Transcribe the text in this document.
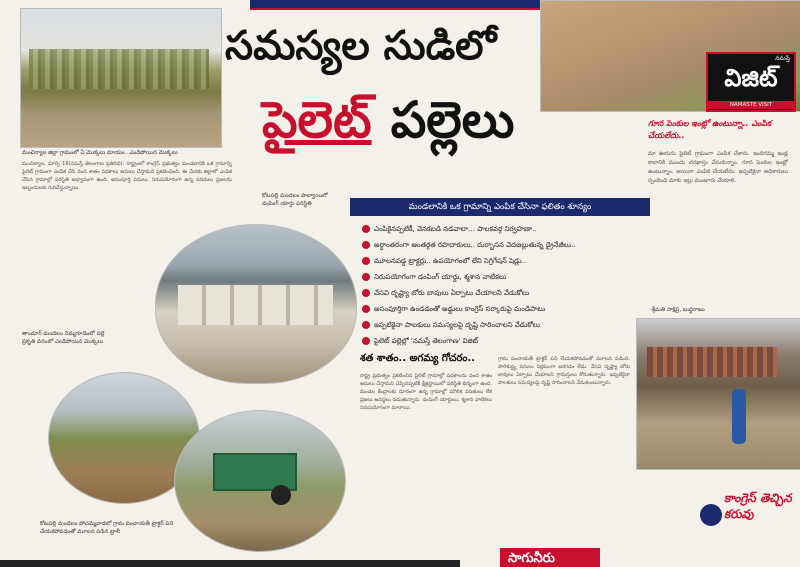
మంచిర్యాల జిల్లా గ్రామంలో ఏ మొక్కలు మాయం.. ఎండిపోయిన మొక్కలు
నమస్తే
విజిట్
NAMASTE VISIT
సమస్యల సుడిలో
పైలెట్ పల్లెలు
మంచిర్యాల, మార్చి 16(నమస్తే తెలంగాణ ప్రతినిధి): రాష్ట్రంలో కాంగ్రెస్ ప్రభుత్వం మండలానికి ఒక గ్రామాన్ని పైలెట్ గ్రామంగా ఎంపిక చేసి వంద శాతం పథకాలు అమలు చేస్తామని ప్రకటించింది. ఈ మేరకు జిల్లాలో ఎంపిక చేసిన గ్రామాల్లో పరిస్థితి అధ్వానంగా ఉంది. అసంపూర్తి పనులు, నిరుపయోగంగా ఉన్న వనరులు ప్రజలను ఇబ్బందులకు గురిచేస్తున్నాయి.
కోటపల్లి మండలం పాల్వాయిలో డంపింగ్ యార్డు పరిస్థితి	మండలానికి ఒక గ్రామాన్ని ఎంపిక చేసినా ఫలితం శూన్యం
ఎంపికైనప్పటికీ, వెనకబడి నడవాలా… పాలకవర్గ నిర్వహణా..
అర్ధాంతరంగా అంతర్గత రహదారులు.. దుర్భాసన వెదజల్లుతున్న డ్రైనేజీలు..
మూలనపడ్డ ట్రాక్టర్లు.. ఉపయోగంలో లేని సెగ్రిగేషన్ షెడ్లు..
నిరుపయోగంగా డంపింగ్ యార్డు, శ్మశాన వాటికలు
వేసవి దృష్ట్యా బోరు బావులు ఏర్పాటు చేయాలని వేడుకోలు
అసంపూర్తిగా ఉండడంతో అడ్డులు కాంగ్రెస్ సర్కారుపై మండిపాటు
ఇప్పటికైనా పాలకులు సమస్యలపై దృష్టి సారించాలని వేడుకోలు
పైలెట్ పల్లెల్లో 'నమస్తే తెలంగాణ' విజిట్
తాండూర్ మండలం నిమ్మగూడెంలో పల్లె ప్రకృతి వనంలో ఎండిపోయిన మొక్కలు
కోటపల్లి మండలం పోచమ్మవాడలో గ్రామ పంచాయతీ ట్రాక్టర్ పని చేయకపోవడంతో మూలన పడిన ట్రాలీ
శత శాతం.. అగమ్య గోచరం..
రాష్ట్ర ప్రభుత్వం ప్రకటించిన పైలెట్ గ్రామాల్లో పథకాలను వంద శాతం అమలు చేస్తామని చెప్పినప్పటికీ క్షేత్రస్థాయిలో పరిస్థితి భిన్నంగా ఉంది. మండల కేంద్రాలకు దూరంగా ఉన్న గ్రామాల్లో మౌలిక వసతులు లేక ప్రజలు అవస్థలు పడుతున్నారు. డంపింగ్ యార్డులు, శ్మశాన వాటికలు నిరుపయోగంగా మారాయి.
గ్రామ పంచాయతీ ట్రాక్టర్ పని చేయకపోవడంతో మూలన పడింది. పారిశుద్ధ్య పనులు సక్రమంగా జరగడం లేదు. వేసవి దృష్ట్యా బోరు బావులు ఏర్పాటు చేయాలని గ్రామస్తులు కోరుతున్నారు. ఇప్పటికైనా పాలకులు సమస్యలపై దృష్టి సారించాలని వేడుకుంటున్నారు.
గూన పెంకుల ఇంట్లో ఉంటున్నా.. ఎంపిక చేయలేదు..
మా ఊరును పైలెట్ గ్రామంగా ఎంపిక చేశారు. ఇందిరమ్మ ఇండ్ల కాలానికి ముందు దరఖాస్తు చేసుకున్నాం. గూన పెంకుల ఇంట్లో ఉంటున్నాం. అయినా ఎంపిక చేయలేదు. ఇప్పటికైనా అధికారులు స్పందించి మాకు ఇల్లు మంజూరు చేయాలి.
-శ్రీమతి సాక్షిప్ర, బుద్ధరాజం
సాగునీరు
కాంగ్రెస్ తెచ్చిన కరువు
